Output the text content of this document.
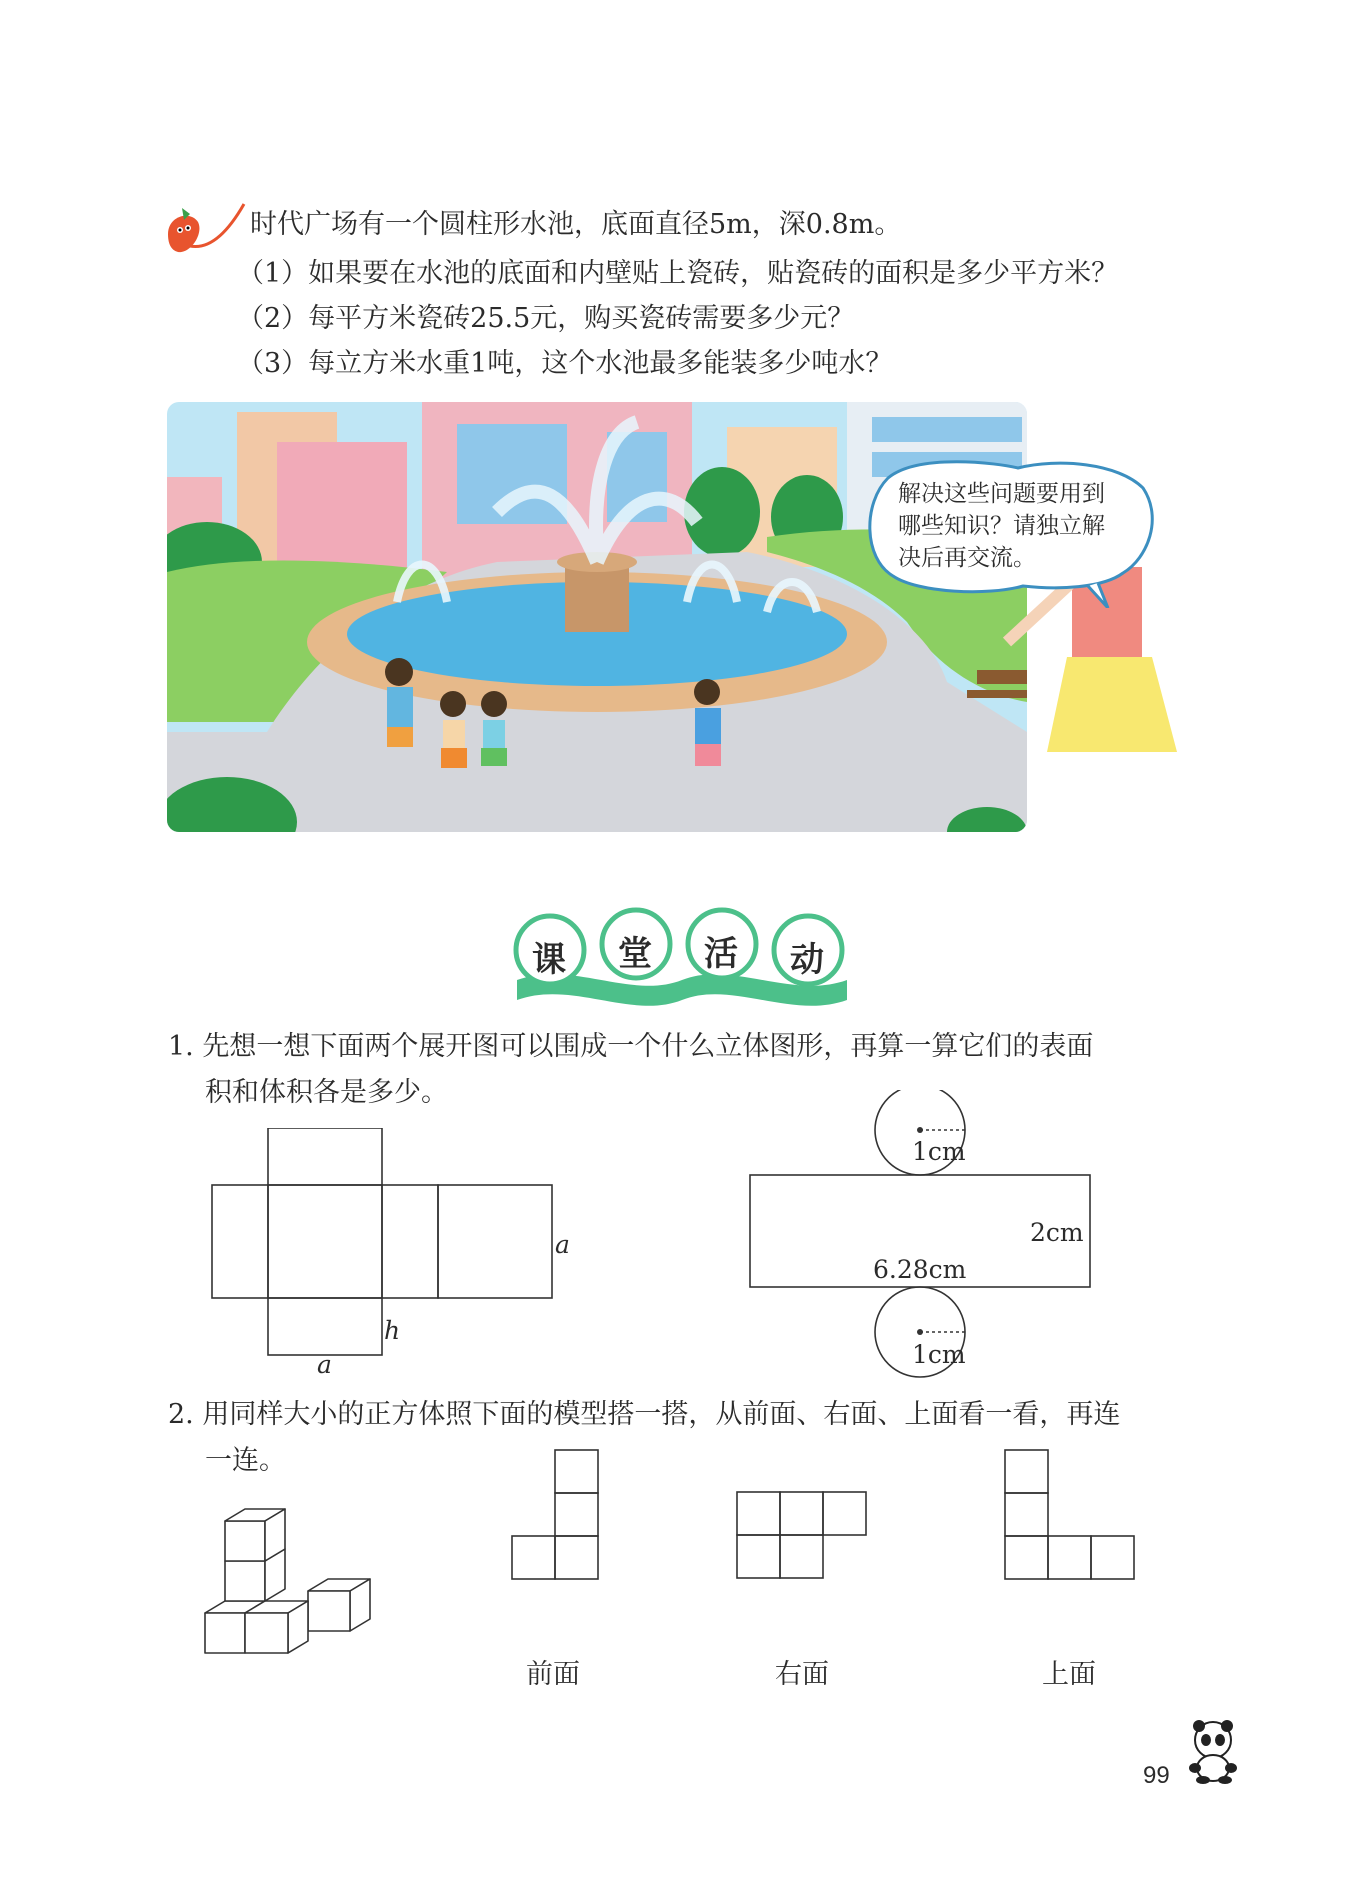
时代广场有一个圆柱形水池，底面直径5m，深0.8m。
（1）如果要在水池的底面和内壁贴上瓷砖，贴瓷砖的面积是多少平方米？
（2）每平方米瓷砖25.5元，购买瓷砖需要多少元？
（3）每立方米水重1吨，这个水池最多能装多少吨水？
解决这些问题要用到
哪些知识？请独立解
决后再交流。
课 堂 活 动
1. 先想一想下面两个展开图可以围成一个什么立体图形，再算一算它们的表面
积和体积各是多少。
a
h
a
1cm
2cm
6.28cm
1cm
2. 用同样大小的正方体照下面的模型搭一搭，从前面、右面、上面看一看，再连
一连。
前面	右面	上面
99
